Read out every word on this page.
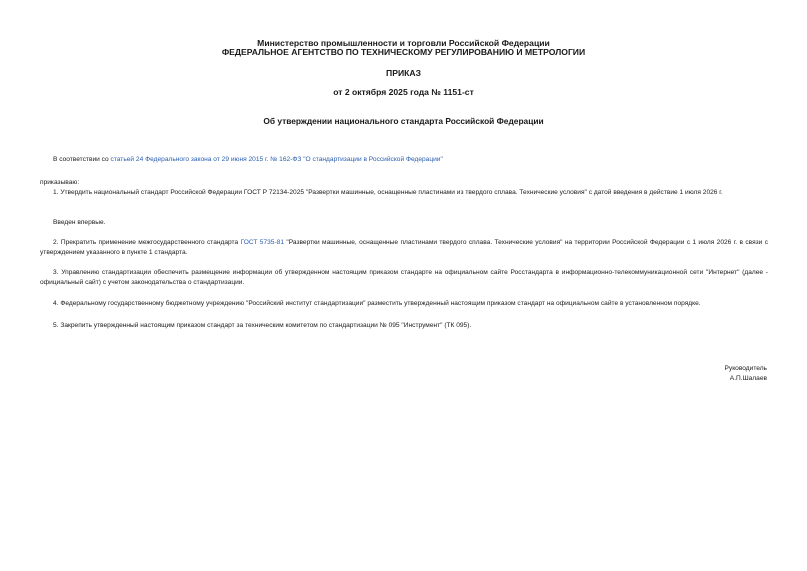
Министерство промышленности и торговли Российской Федерации
ФЕДЕРАЛЬНОЕ АГЕНТСТВО ПО ТЕХНИЧЕСКОМУ РЕГУЛИРОВАНИЮ И МЕТРОЛОГИИ
ПРИКАЗ
от 2 октября 2025 года № 1151-ст
Об утверждении национального стандарта Российской Федерации
В соответствии со статьей 24 Федерального закона от 29 июня 2015 г. № 162-ФЗ "О стандартизации в Российской Федерации"
приказываю:
1. Утвердить национальный стандарт Российской Федерации ГОСТ Р 72134-2025 "Развертки машинные, оснащенные пластинами из твердого сплава. Технические условия" с датой введения в действие 1 июля 2026 г.
Введен впервые.
2. Прекратить применение межгосударственного стандарта ГОСТ 5735-81 "Развертки машинные, оснащенные пластинами твердого сплава. Технические условия" на территории Российской Федерации с 1 июля 2026 г. в связи с утверждением указанного в пункте 1 стандарта.
3. Управлению стандартизации обеспечить размещение информации об утвержденном настоящим приказом стандарте на официальном сайте Росстандарта в информационно-телекоммуникационной сети "Интернет" (далее - официальный сайт) с учетом законодательства о стандартизации.
4. Федеральному государственному бюджетному учреждению "Российский институт стандартизации" разместить утвержденный настоящим приказом стандарт на официальном сайте в установленном порядке.
5. Закрепить утвержденный настоящим приказом стандарт за техническим комитетом по стандартизации № 095 "Инструмент" (ТК 095).
Руководитель
А.П.Шалаев
